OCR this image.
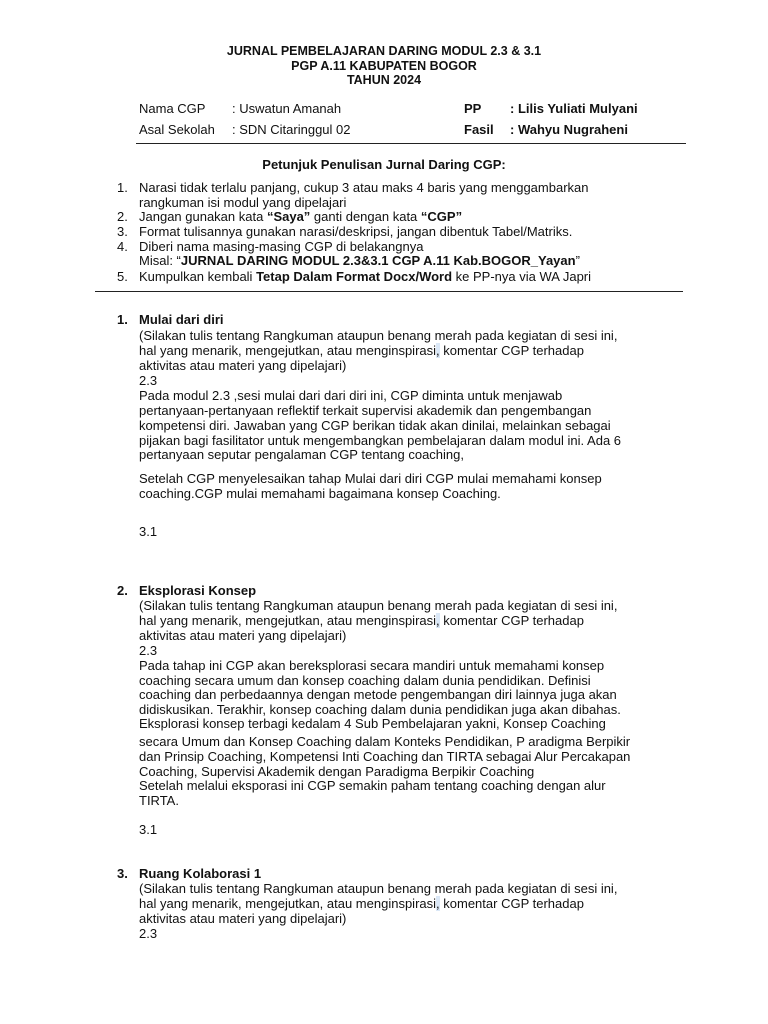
JURNAL PEMBELAJARAN DARING MODUL 2.3 & 3.1
PGP A.11 KABUPATEN BOGOR
TAHUN 2024
Nama CGP : Uswatun Amanah
Asal Sekolah : SDN Citaringgul 02
PP : Lilis Yuliati Mulyani
Fasil : Wahyu Nugraheni
Petunjuk Penulisan Jurnal Daring CGP:
1. Narasi tidak terlalu panjang, cukup 3 atau maks 4 baris yang menggambarkan
rangkuman isi modul yang dipelajari
2. Jangan gunakan kata “Saya” ganti dengan kata “CGP”
3. Format tulisannya gunakan narasi/deskripsi, jangan dibentuk Tabel/Matriks.
4. Diberi nama masing-masing CGP di belakangnya
Misal: “JURNAL DARING MODUL 2.3&3.1 CGP A.11 Kab.BOGOR_Yayan”
5. Kumpulkan kembali Tetap Dalam Format Docx/Word ke PP-nya via WA Japri
1. Mulai dari diri
(Silakan tulis tentang Rangkuman ataupun benang merah pada kegiatan di sesi ini,
hal yang menarik, mengejutkan, atau menginspirasi, komentar CGP terhadap
aktivitas atau materi yang dipelajari)
2.3
Pada modul 2.3 ,sesi mulai dari dari diri ini, CGP diminta untuk menjawab
pertanyaan-pertanyaan reflektif terkait supervisi akademik dan pengembangan
kompetensi diri. Jawaban yang CGP berikan tidak akan dinilai, melainkan sebagai
pijakan bagi fasilitator untuk mengembangkan pembelajaran dalam modul ini. Ada 6
pertanyaan seputar pengalaman CGP tentang coaching,
Setelah CGP menyelesaikan tahap Mulai dari diri CGP mulai memahami konsep
coaching.CGP mulai memahami bagaimana konsep Coaching.
3.1
2. Eksplorasi Konsep
(Silakan tulis tentang Rangkuman ataupun benang merah pada kegiatan di sesi ini,
hal yang menarik, mengejutkan, atau menginspirasi, komentar CGP terhadap
aktivitas atau materi yang dipelajari)
2.3
Pada tahap ini CGP akan bereksplorasi secara mandiri untuk memahami konsep
coaching secara umum dan konsep coaching dalam dunia pendidikan. Definisi
coaching dan perbedaannya dengan metode pengembangan diri lainnya juga akan
didiskusikan. Terakhir, konsep coaching dalam dunia pendidikan juga akan dibahas.
Eksplorasi konsep terbagi kedalam 4 Sub Pembelajaran yakni, Konsep Coaching
secara Umum dan Konsep Coaching dalam Konteks Pendidikan, P aradigma Berpikir
dan Prinsip Coaching, Kompetensi Inti Coaching dan TIRTA sebagai Alur Percakapan
Coaching, Supervisi Akademik dengan Paradigma Berpikir Coaching
Setelah melalui eksporasi ini CGP semakin paham tentang coaching dengan alur
TIRTA.
3.1
3. Ruang Kolaborasi 1
(Silakan tulis tentang Rangkuman ataupun benang merah pada kegiatan di sesi ini,
hal yang menarik, mengejutkan, atau menginspirasi, komentar CGP terhadap
aktivitas atau materi yang dipelajari)
2.3
